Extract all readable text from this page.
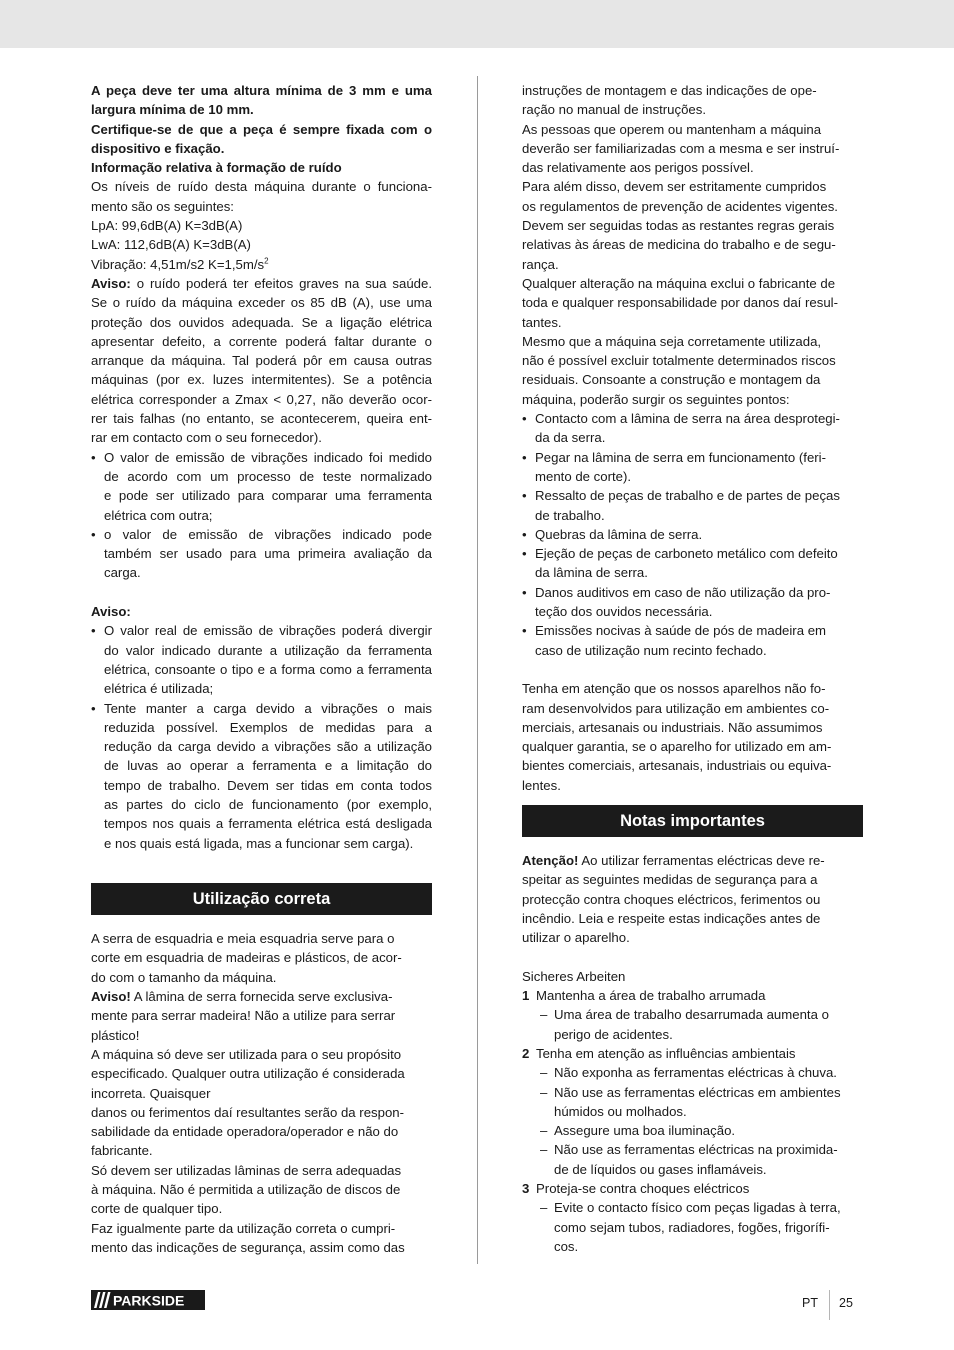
A peça deve ter uma altura mínima de 3 mm e uma
largura mínima de 10 mm.
Certifique-se de que a peça é sempre fixada com o
dispositivo e fixação.
Informação relativa à formação de ruído
Os níveis de ruído desta máquina durante o funciona-
mento são os seguintes:
LpA: 99,6dB(A) K=3dB(A)
LwA: 112,6dB(A) K=3dB(A)
Vibração: 4,51m/s2 $K=1,5m/s^2$
Aviso: o ruído poderá ter efeitos graves na sua saúde.
Se o ruído da máquina exceder os 85 dB (A), use uma
proteção dos ouvidos adequada. Se a ligação elétrica
apresentar defeito, a corrente poderá faltar durante o
arranque da máquina. Tal poderá pôr em causa outras
máquinas (por ex. luzes intermitentes). Se a potência
elétrica corresponder a Zmax < 0,27, não deverão ocor-
rer tais falhas (no entanto, se acontecerem, queira ent-
rar em contacto com o seu fornecedor).
• O valor de emissão de vibrações indicado foi medido
de acordo com um processo de teste normalizado
e pode ser utilizado para comparar uma ferramenta
elétrica com outra;
• o valor de emissão de vibrações indicado pode
também ser usado para uma primeira avaliação da
carga.
Aviso:
• O valor real de emissão de vibrações poderá divergir
do valor indicado durante a utilização da ferramenta
elétrica, consoante o tipo e a forma como a ferramenta
elétrica é utilizada;
• Tente manter a carga devido a vibrações o mais
reduzida possível. Exemplos de medidas para a
redução da carga devido a vibrações são a utilização
de luvas ao operar a ferramenta e a limitação do
tempo de trabalho. Devem ser tidas em conta todos
as partes do ciclo de funcionamento (por exemplo,
tempos nos quais a ferramenta elétrica está desligada
e nos quais está ligada, mas a funcionar sem carga).
Utilização correta
A serra de esquadria e meia esquadria serve para o
corte em esquadria de madeiras e plásticos, de acor-
do com o tamanho da máquina.
Aviso! A lâmina de serra fornecida serve exclusiva-
mente para serrar madeira! Não a utilize para serrar
plástico!
A máquina só deve ser utilizada para o seu propósito
especificado. Qualquer outra utilização é considerada
incorreta. Quaisquer
danos ou ferimentos daí resultantes serão da respon-
sabilidade da entidade operadora/operador e não do
fabricante.
Só devem ser utilizadas lâminas de serra adequadas
à máquina. Não é permitida a utilização de discos de
corte de qualquer tipo.
Faz igualmente parte da utilização correta o cumpri-
mento das indicações de segurança, assim como das
instruções de montagem e das indicações de ope-
ração no manual de instruções.
As pessoas que operem ou mantenham a máquina
deverão ser familiarizadas com a mesma e ser instruí-
das relativamente aos perigos possível.
Para além disso, devem ser estritamente cumpridos
os regulamentos de prevenção de acidentes vigentes.
Devem ser seguidas todas as restantes regras gerais
relativas às áreas de medicina do trabalho e de segu-
rança.
Qualquer alteração na máquina exclui o fabricante de
toda e qualquer responsabilidade por danos daí resul-
tantes.
Mesmo que a máquina seja corretamente utilizada,
não é possível excluir totalmente determinados riscos
residuais. Consoante a construção e montagem da
máquina, poderão surgir os seguintes pontos:
• Contacto com a lâmina de serra na área desprotegi-
da da serra.
• Pegar na lâmina de serra em funcionamento (feri-
mento de corte).
• Ressalto de peças de trabalho e de partes de peças
de trabalho.
• Quebras da lâmina de serra.
• Ejeção de peças de carboneto metálico com defeito
da lâmina de serra.
• Danos auditivos em caso de não utilização da pro-
teção dos ouvidos necessária.
• Emissões nocivas à saúde de pós de madeira em
caso de utilização num recinto fechado.
Tenha em atenção que os nossos aparelhos não fo-
ram desenvolvidos para utilização em ambientes co-
merciais, artesanais ou industriais. Não assumimos
qualquer garantia, se o aparelho for utilizado em am-
bientes comerciais, artesanais, industriais ou equiva-
lentes.
Notas importantes
Atenção! Ao utilizar ferramentas eléctricas deve re-
speitar as seguintes medidas de segurança para a
protecção contra choques eléctricos, ferimentos ou
incêndio. Leia e respeite estas indicações antes de
utilizar o aparelho.
Sicheres Arbeiten
1 Mantenha a área de trabalho arrumada
– Uma área de trabalho desarrumada aumenta o
perigo de acidentes.
2 Tenha em atenção as influências ambientais
– Não exponha as ferramentas eléctricas à chuva.
– Não use as ferramentas eléctricas em ambientes
húmidos ou molhados.
– Assegure uma boa iluminação.
– Não use as ferramentas eléctricas na proximida-
de de líquidos ou gases inflamáveis.
3 Proteja-se contra choques eléctricos
– Evite o contacto físico com peças ligadas à terra,
como sejam tubos, radiadores, fogões, frigorífi-
cos.
PARKSIDE	PT 25
